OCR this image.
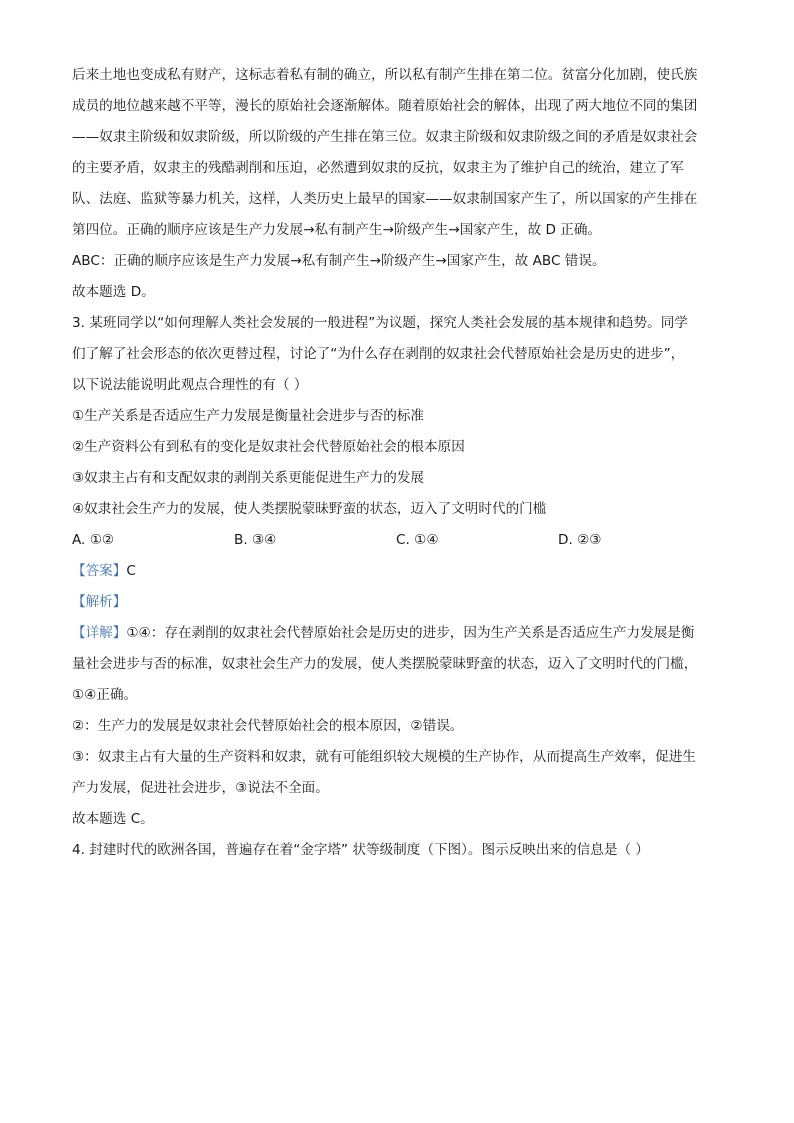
后来土地也变成私有财产，这标志着私有制的确立，所以私有制产生排在第二位。贫富分化加剧，使氏族
成员的地位越来越不平等，漫长的原始社会逐渐解体。随着原始社会的解体，出现了两大地位不同的集团
——奴隶主阶级和奴隶阶级，所以阶级的产生排在第三位。奴隶主阶级和奴隶阶级之间的矛盾是奴隶社会
的主要矛盾，奴隶主的残酷剥削和压迫，必然遭到奴隶的反抗，奴隶主为了维护自己的统治，建立了军
队、法庭、监狱等暴力机关，这样，人类历史上最早的国家——奴隶制国家产生了，所以国家的产生排在
第四位。正确的顺序应该是生产力发展→私有制产生→阶级产生→国家产生，故 D 正确。
ABC：正确的顺序应该是生产力发展→私有制产生→阶级产生→国家产生，故 ABC 错误。
故本题选 D。
3. 某班同学以“如何理解人类社会发展的一般进程”为议题，探究人类社会发展的基本规律和趋势。同学
们了解了社会形态的依次更替过程，讨论了“为什么存在剥削的奴隶社会代替原始社会是历史的进步”，
以下说法能说明此观点合理性的有（ ）
①生产关系是否适应生产力发展是衡量社会进步与否的标准
②生产资料公有到私有的变化是奴隶社会代替原始社会的根本原因
③奴隶主占有和支配奴隶的剥削关系更能促进生产力的发展
④奴隶社会生产力的发展，使人类摆脱蒙昧野蛮的状态，迈入了文明时代的门槛
A. ①②	B. ③④	C. ①④	D. ②③
【答案】C
【解析】
【详解】①④：存在剥削的奴隶社会代替原始社会是历史的进步，因为生产关系是否适应生产力发展是衡
量社会进步与否的标准，奴隶社会生产力的发展，使人类摆脱蒙昧野蛮的状态，迈入了文明时代的门槛，
①④正确。
②：生产力的发展是奴隶社会代替原始社会的根本原因，②错误。
③：奴隶主占有大量的生产资料和奴隶，就有可能组织较大规模的生产协作，从而提高生产效率，促进生
产力发展，促进社会进步，③说法不全面。
故本题选 C。
4. 封建时代的欧洲各国，普遍存在着“金字塔” 状等级制度（下图）。图示反映出来的信息是（ ）
